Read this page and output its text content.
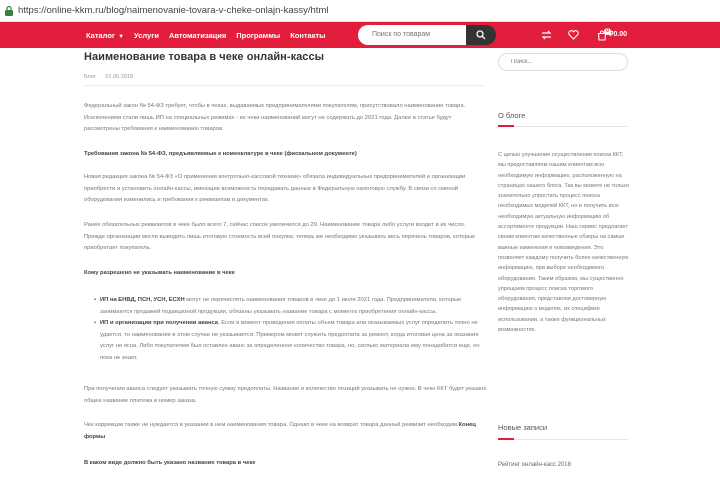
https://online-kkm.ru/blog/naimenovanie-tovara-v-cheke-onlajn-kassy/html
Каталог ▼ Услуги Автоматизация Программы Контакты
Поиск по товарам	0 ₽0.00
Наименование товара в чеке онлайн-кассы
Блог 01.06.2018

Федеральный закон № 54-ФЗ требует, чтобы в чеках, выдаваемых предпринимателями покупателям, присутствовало наименование товара. Исключением стали лишь ИП на специальных режимах - их чеки наименований могут не содержать до 2021 года. Далее в статье будут рассмотрены требования к наименованию товаров.

Требования закона № 54-ФЗ, предъявляемые к номенклатуре в чеке (фискальном документе)

Новая редакция закона № 54-ФЗ «О применении контрольно-кассовой техники» обязала индивидуальных предпринимателей и организации приобрести и установить онлайн-кассы, имеющие возможность передавать данные в Федеральную налоговую службу. В связи со сменой оборудования изменились и требования к реквизитам в документах.

Ранее обязательных реквизитов в чеке было всего 7, сейчас список увеличился до 29. Наименование товара либо услуги входит в их число. Прежде организации могли выводить лишь итоговую стоимость всей покупки, теперь же необходимо указывать весь перечень товаров, которые приобретает покупатель.

Кому разрешено не указывать наименование в чеке
• ИП на ЕНВД, ПСН, УСН, ЕСХН могут не перечислять наименования товаров в чеке до 1 июля 2021 года. Предприниматели, которые занимаются продажей подакцизной продукции, обязаны указывать название товара с момента приобретения онлайн-кассы.
• ИП и организации при получении аванса. Если в момент проведения оплаты объем товара или оказываемых услуг определить точно не удается, то наименование в этом случае не указывается. Примером может служить предоплата за ремонт, когда итоговая цена за оказание услуг не ясна. Либо покупателем был оставлен аванс за определенное количество товара, но, сколько материала ему понадобится еще, он пока не знает.

При получении аванса следует указывать точную сумму предоплаты. Название и количество позиций указывать не нужно. В чеке ККТ будет указано общее название платежа и номер заказа.

Чек коррекции также не нуждается в указании в нем наименования товара. Однако в чеке на возврат товара данный реквизит необходим.Конец формы

В каком виде должно быть указано название товара в чеке
Поиск...
О блоге

С целью улучшения осуществления поиска ККТ, мы предоставляем нашим клиентам всю необходимую информацию, расположенную на страницах нашего блога. Так вы можете не только значительно упростить процесс поиска необходимых моделей ККТ, но и получить всю необходимую актуальную информацию об ассортименте продукции. Наш сервис предлагает своим клиентам качественные обзоры на самые важные изменения и нововведения. Это позволяет каждому получить более качественную информацию, при выборе необходимого оборудования. Таким образом, мы существенно упрощаем процесс поиска торгового оборудования, представляя достоверную информацию о моделях, их специфике использования, а также функциональных возможностях.

Новые записи
Рейтинг онлайн-касс 2018
